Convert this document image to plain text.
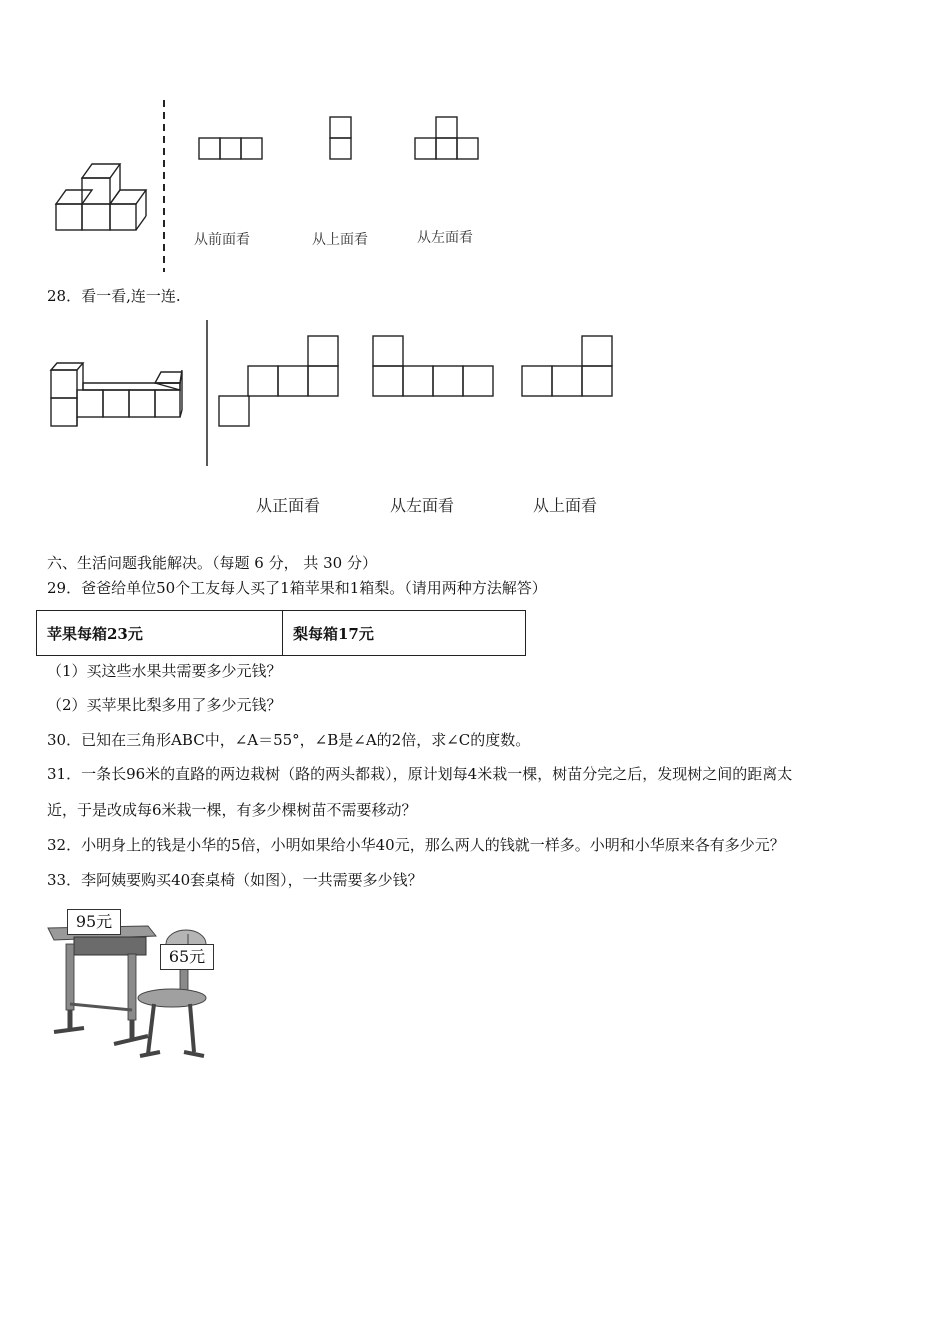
从前面看	从上面看	从左面看
28．看一看,连一连.
从正面看	从左面看	从上面看
六、生活问题我能解决。（每题 6 分， 共 30 分）
29．爸爸给单位50个工友每人买了1箱苹果和1箱梨。（请用两种方法解答）
苹果每箱23元	梨每箱17元
（1）买这些水果共需要多少元钱？
（2）买苹果比梨多用了多少元钱？
30．已知在三角形ABC中，∠A＝55°，∠B是∠A的2倍，求∠C的度数。
31．一条长96米的直路的两边栽树（路的两头都栽），原计划每4米栽一棵，树苗分完之后，发现树之间的距离太
近，于是改成每6米栽一棵，有多少棵树苗不需要移动？
32．小明身上的钱是小华的5倍，小明如果给小华40元，那么两人的钱就一样多。小明和小华原来各有多少元？
33．李阿姨要购买40套桌椅（如图），一共需要多少钱？
95元
65元
